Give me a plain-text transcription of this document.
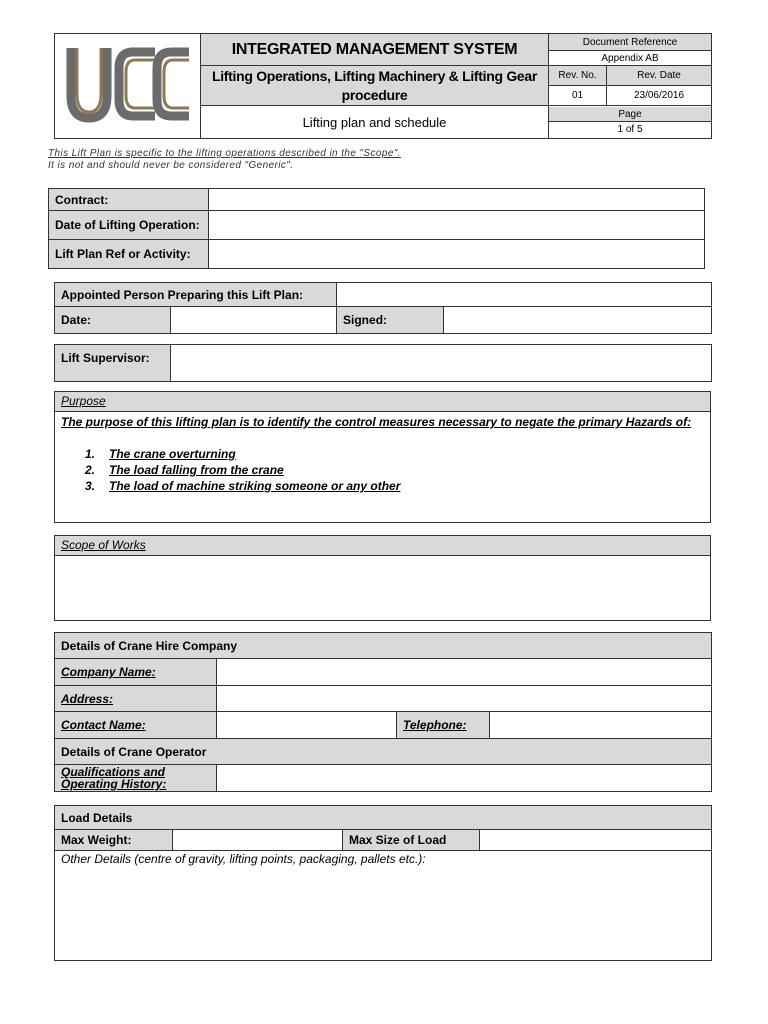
	INTEGRATED MANAGEMENT SYSTEM	Document Reference	
		Appendix AB	
	Lifting Operations, Lifting Machinery & Lifting Gear procedure	Rev. No.	Rev. Date
		01	23/06/2016
	Lifting plan and schedule	Page
1 of 5	
This Lift Plan is specific to the lifting operations described in the "Scope".
It is not and should never be considered "Generic".
Contract:	
Date of Lifting Operation:	
Lift Plan Ref or Activity:	
Appointed Person Preparing this Lift Plan:			
Date:		Signed:	
Lift Supervisor:	
Purpose
The purpose of this lifting plan is to identify the control measures necessary to negate the primary Hazards of:
1. The crane overturning
2. The load falling from the crane
3. The load of machine striking someone or any other
Scope of Works
Details of Crane Hire Company			
Company Name:			
Address:			
Contact Name:		Telephone:	
Details of Crane Operator			
Qualifications and Operating History:			
Load Details
Max Weight:		Max Size of Load	
Other Details (centre of gravity, lifting points, packaging, pallets etc.):
